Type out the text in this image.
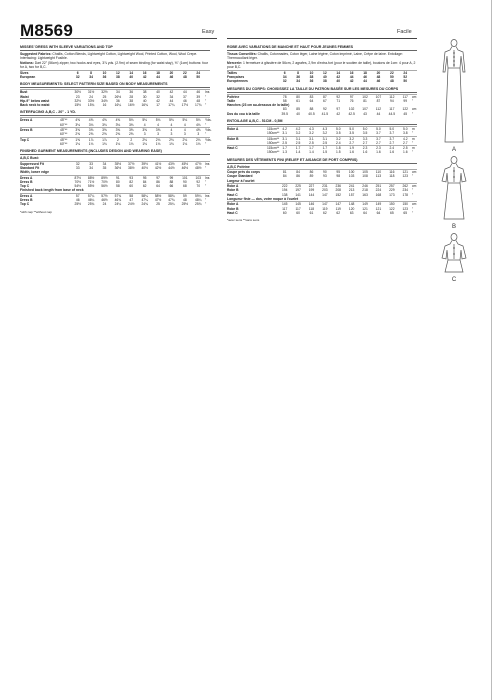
M8569	Easy	Facile
MISSES' DRESS WITH SLEEVE VARIATIONS AND TOP
Suggested Fabrics: Challis, Cotton Blends, Lightweight Cotton, Lightweight Wool, Printed Cotton, Wool, Wool Crepe. Interfacing: Lightweight Fusible.
Notions: Dart 22" (56cm) zipper, two hooks and eyes, 3⅞ yds. (2.9m) of seam binding (for waist stay), ⅜" (1cm) buttons: four for A, two for B,C.
Sizes		6	8	10	12	14	16	18	20	22	24	
European		32	34	36	38	40	42	44	46	48	50	
BODY MEASUREMENTS: SELECT PATTERN SIZE BASED ON BODY MEASUREMENTS
Bust		30½	31½	32½	34	36	38	40	42	44	46	Ins
Waist		23	24	25	26½	28	30	32	34	37	39	"
Hip-9" below waist		32½	33½	34½	36	38	40	42	44	46	48	"
Back neck to waist		15½	15¾	16	16¼	16½	16¾	17	17¼	17½	17¾	"
INTERFACING A,B,C - 20" - 1 YD.
Dress A	45"**	4⅝	4⅝	4⅝	4⅝	5⅛	5⅛	5⅛	5⅛	5⅛	5⅛	Yds.
	60"**	3⅛	3⅛	3⅛	3⅛	3⅜	4	4	4	4	4⅛	"
Dress B	45"**	3⅝	3⅝	3⅝	3⅝	3⅝	3⅝	3⅝	4	4	4⅝	Yds.
	60"**	2⅝	2⅝	2⅝	2⅝	2⅝	3	3	3	3	3	"
Top C	45"**	1⅝	1⅞	1⅞	2	2	2⅛	2⅛	2⅛	2⅛	2⅛	Yds.
	60"**	1⅛	1⅛	1⅛	1⅛	1⅛	1⅛	1⅛	1⅛	1⅛	1⅛	"
FINISHED GARMENT MEASUREMENTS (INCLUDES DESIGN AND WEARING EASE)
A,B,C Bust:
Suppressed Fit		32	33	34	35½	37½	39½	41½	43½	45½	47½	Ins
Standard Fit		33	34	35	36½	38½	40½	42½	44½	46½	48½	"
Width, lower edge
Dress A		87½	88½	89½	91	93	95	97	99	101	103	Ins
Dress B		70½	71½	70½	80	82	84	86	88	90	92	"
Top C		54½	55½	56½	58	60	62	64	66	68	70	"
Finished back length from base of neck
Dress A		57	57¼	57½	57¾	58	58¼	58½	58¾	59	59¼	Ins
Dress B		46	46¼	46½	46¾	47	47¼	47½	47¾	48	48¼	"
Top C		25½	25¾	24	24¼	24½	24¾	25	25¼	25½	25¾	"
*with nap **without nap
ROBE AVEC VARIATIONS DE MANCHE ET HAUT POUR JEUNES FEMMES
Tissus Conseillés: Challis, Cotonnades, Coton léger, Laine légère, Coton imprimé, Laine, Crêpe de laine. Entoilage: Thermocollant léger.
Mercerie: 1 fermeture à glissière de 56cm, 2 agrafes, 2,9m d'extra-fort (pour le soutien de taille), boutons de 1cm: 4 pour A, 2 pour B,C.
Tailles		6	8	10	12	14	16	18	20	22	24	
Françaises		34	36	38	40	42	44	46	48	50	52	
Européennes		32	34	36	38	40	42	44	46	48	50	
MESURES DU CORPS: CHOISISSEZ LA TAILLE DU PATRON BASÉE SUR LES MESURES DU CORPS
Poitrine		78	80	83	87	92	97	102	107	112	117	cm
Taille		58	61	64	67	71	76	81	87	94	99	"
Hanches (23 cm au-dessous de la taille)												
		83	85	88	92	97	102	107	112	117	122	cm
Dos du cou à la taille		39.5	40	40.5	41.5	42	42.5	43	44	44.5	45	"
ENTOILAGE A,B,C - 51CM - 0,5M
Robe A	115cm**	4.2	4.2	4.3	4.3	5.0	5.0	5.0	5.0	5.0	5.0	m
	150cm**	3.1	3.2	3.2	3.2	3.5	3.5	3.5	3.7	3.7	3.8	"
Robe B	115cm**	3.1	3.1	3.1	3.1	3.2	3.2	3.3	3.7	3.7	4.2	m
	150cm**	2.5	2.5	2.5	2.5	2.4	2.7	2.7	2.7	2.7	2.7	"
Haut C	115cm**	1.7	1.7	1.7	1.7	1.8	1.9	2.3	2.3	2.4	2.5	m
	150cm**	1.3	1.4	1.4	1.5	1.5	1.6	1.6	1.6	1.6	1.6	"
MESURES DES VÊTEMENTS FINI (RELIEF ET AISANCE DE PORT COMPRIS)
A,B,C Poitrine
Coupe près du corps		81	84	86	90	95	100	105	110	116	121	cm
Coupe Standard		84	86	89	93	98	103	108	113	118	123	"
Largeur à l'ourlet
Robe A		222	225	227	231	236	241	246	251	257	262	cm
Robe B		194	197	199	203	208	213	218	224	229	234	"
Haut C		138	141	144	147	152	157	163	168	173	178	"
Longueur finie — dos, votre noque à l'ourlet
Robe A		145	145	146	147	147	148	149	149	150	150	cm
Robe B		117	117	118	119	119	120	121	121	122	123	"
Haut C		60	60	61	62	62	63	64	64	65	65	"
*avec sens **sans sens
A
B
C
